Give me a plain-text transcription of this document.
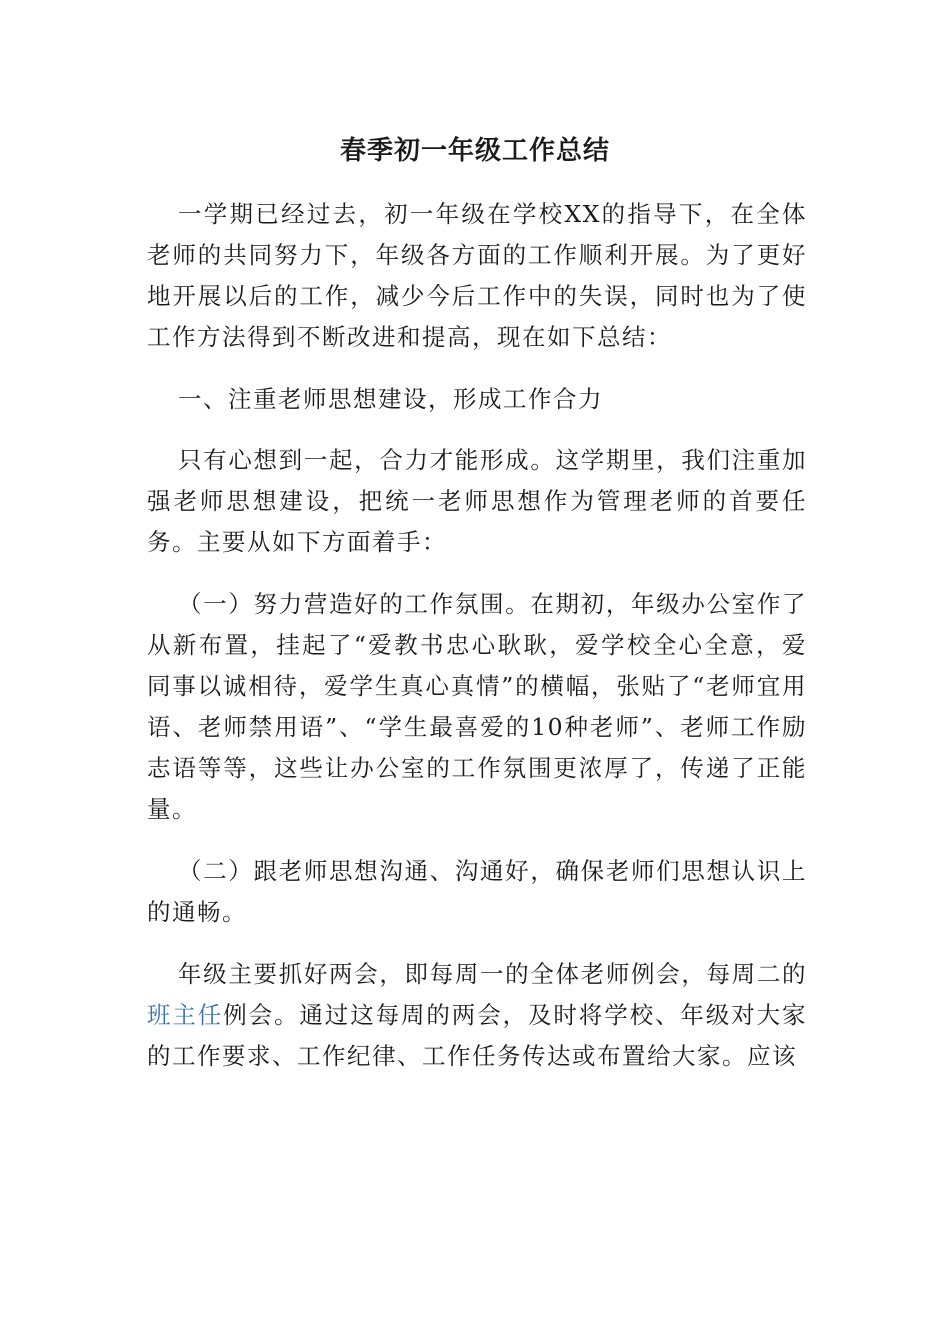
春季初一年级工作总结

一学期已经过去，初一年级在学校XX的指导下，在全体老师的共同努力下，年级各方面的工作顺利开展。为了更好地开展以后的工作，减少今后工作中的失误，同时也为了使工作方法得到不断改进和提高，现在如下总结：

一、注重老师思想建设，形成工作合力

只有心想到一起，合力才能形成。这学期里，我们注重加强老师思想建设，把统一老师思想作为管理老师的首要任务。主要从如下方面着手：

（一）努力营造好的工作氛围。在期初，年级办公室作了从新布置，挂起了“爱教书忠心耿耿，爱学校全心全意，爱同事以诚相待，爱学生真心真情”的横幅，张贴了“老师宜用语、老师禁用语”、“学生最喜爱的10种老师”、老师工作励志语等等，这些让办公室的工作氛围更浓厚了，传递了正能量。

（二）跟老师思想沟通、沟通好，确保老师们思想认识上的通畅。

年级主要抓好两会，即每周一的全体老师例会，每周二的班主任例会。通过这每周的两会，及时将学校、年级对大家的工作要求、工作纪律、工作任务传达或布置给大家。应该
